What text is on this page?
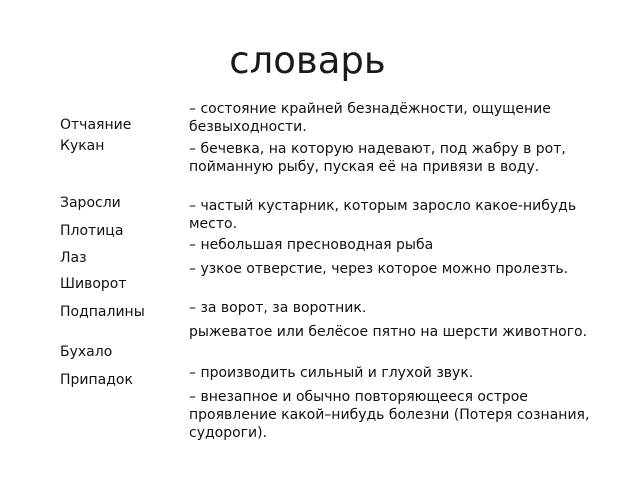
словарь
Отчаяние
Кукан
Заросли
Плотица
Лаз
Шиворот
Подпалины
Бухало
Припадок
– состояние крайней безнадёжности, ощущение безвыходности.
– бечевка, на которую надевают, под жабру в рот, пойманную рыбу, пуская её на привязи в воду.
– частый кустарник, которым заросло какое-нибудь место.
– небольшая пресноводная рыба
– узкое отверстие, через которое можно пролезть.
– за ворот, за воротник.
рыжеватое или белёсое пятно на шерсти животного.
– производить сильный и глухой звук.
– внезапное и обычно повторяющееся острое проявление какой–нибудь болезни (Потеря сознания, судороги).
